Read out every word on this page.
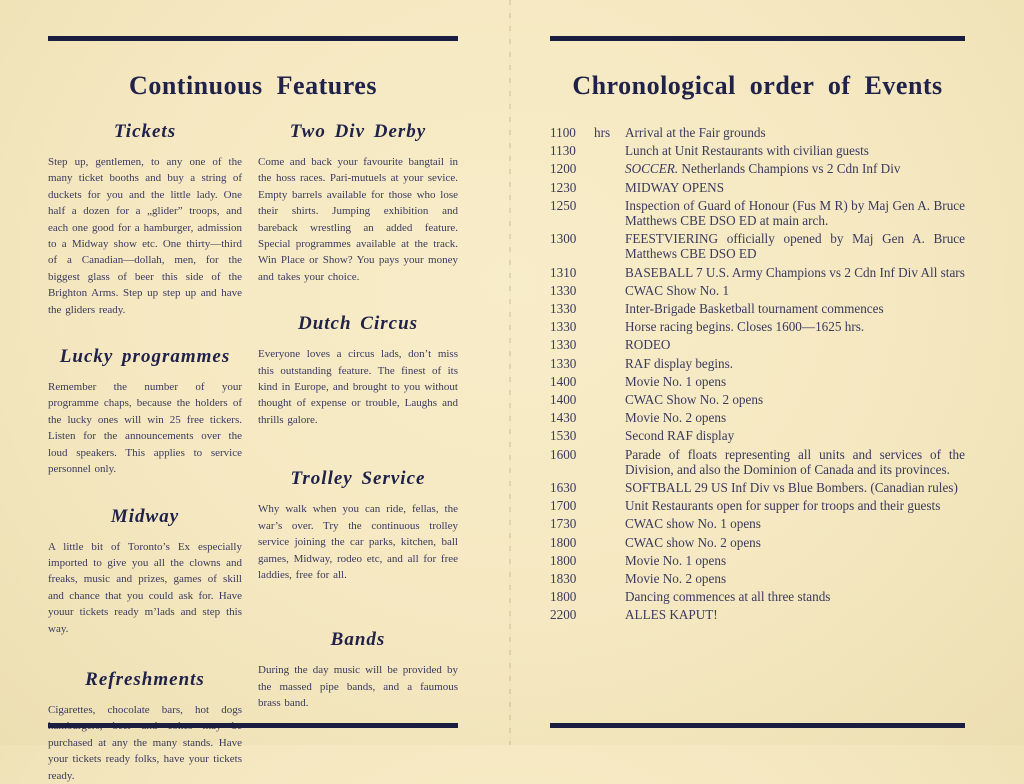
Continuous Features
Tickets

Step up, gentlemen, to any one of the many ticket booths and buy a string of duckets for you and the little lady. One half a dozen for a „glider” troops, and each one good for a hamburger, admission to a Midway show etc. One thirty—third of a Canadian—dollah, men, for the biggest glass of beer this side of the Brighton Arms. Step up step up and have the gliders ready.

Lucky programmes

Remember the number of your programme chaps, because the holders of the lucky ones will win 25 free tickers. Listen for the announcements over the loud speakers. This applies to service personnel only.

Midway

A little bit of Toronto’s Ex especially imported to give you all the clowns and freaks, music and prizes, games of skill and chance that you could ask for. Have youur tickets ready m’lads and step this way.

Refreshments

Cigarettes, chocolate bars, hot dogs hamburgers, beer and cokes may be purchased at any the many stands. Have your tickets ready folks, have your tickets ready.

Two Div Derby

Come and back your favourite bangtail in the hoss races. Pari-mutuels at your sevice. Empty barrels available for those who lose their shirts. Jumping exhibition and bareback wrestling an added feature. Special programmes available at the track. Win Place or Show? You pays your money and takes your choice.

Dutch Circus

Everyone loves a circus lads, don’t miss this outstanding feature. The finest of its kind in Europe, and brought to you without thought of expense or trouble, Laughs and thrills galore.

Trolley Service

Why walk when you can ride, fellas, the war’s over. Try the continuous trolley service joining the car parks, kitchen, ball games, Midway, rodeo etc, and all for free laddies, free for all.

Bands

During the day music will be provided by the massed pipe bands, and a faumous brass band.

Chronological order of Events
1100	hrs	Arrival at the Fair grounds
1130	Lunch at Unit Restaurants with civilian guests
1200	SOCCER. Netherlands Champions vs 2 Cdn Inf Div
1230	MIDWAY OPENS
1250	Inspection of Guard of Honour (Fus M R) by Maj Gen A. Bruce Matthews CBE DSO ED at main arch.
1300	FEESTVIERING officially opened by Maj Gen A. Bruce Matthews CBE DSO ED
1310	BASEBALL 7 U.S. Army Champions vs 2 Cdn Inf Div All stars
1330	CWAC Show No. 1
1330	Inter-Brigade Basketball tournament commences
1330	Horse racing begins. Closes 1600—1625 hrs.
1330	RODEO
1330	RAF display begins.
1400	Movie No. 1 opens
1400	CWAC Show No. 2 opens
1430	Movie No. 2 opens
1530	Second RAF display
1600	Parade of floats representing all units and services of the Division, and also the Dominion of Canada and its provinces.
1630	SOFTBALL 29 US Inf Div vs Blue Bombers. (Canadian rules)
1700	Unit Restaurants open for supper for troops and their guests
1730	CWAC show No. 1 opens
1800	CWAC show No. 2 opens
1800	Movie No. 1 opens
1830	Movie No. 2 opens
1800	Dancing commences at all three stands
2200	ALLES KAPUT!
